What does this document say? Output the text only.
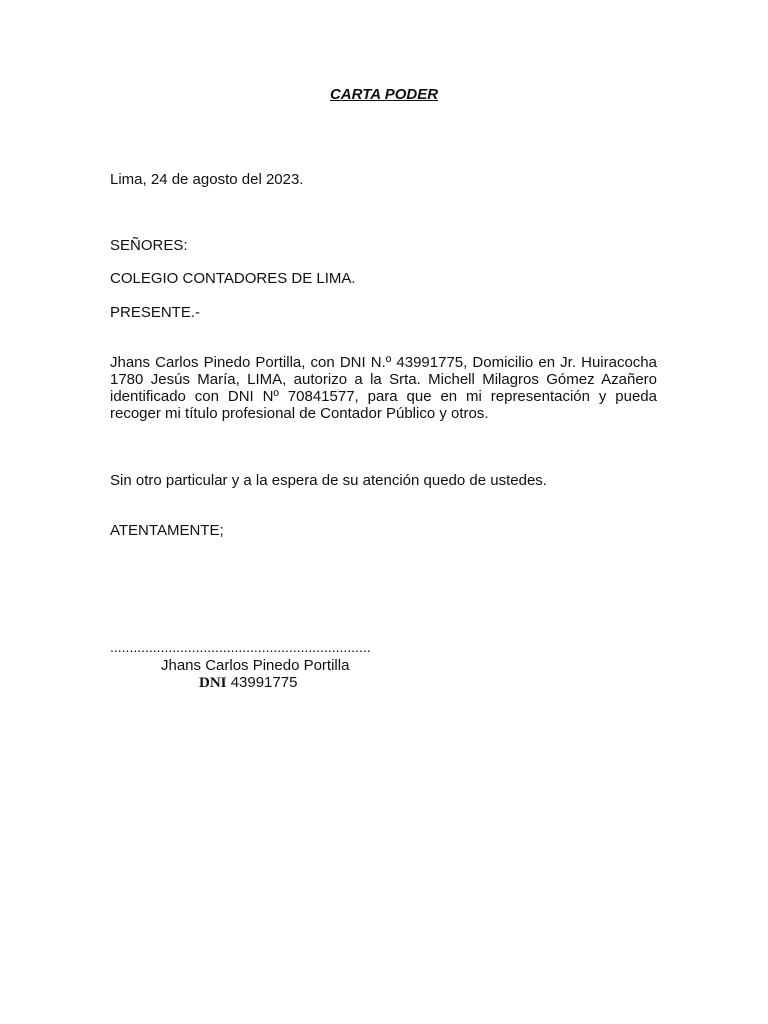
CARTA PODER
Lima, 24 de agosto del 2023.
SEÑORES:
COLEGIO CONTADORES DE LIMA.
PRESENTE.-
Jhans Carlos Pinedo Portilla, con DNI N.º 43991775, Domicilio en Jr. Huiracocha 1780 Jesús María, LIMA, autorizo a la Srta. Michell Milagros Gómez Azañero identificado con DNI Nº 70841577, para que en mi representación y pueda recoger mi título profesional de Contador Público y otros.
Sin otro particular y a la espera de su atención quedo de ustedes.
ATENTAMENTE;
...................................................................
Jhans Carlos Pinedo Portilla
DNI 43991775
